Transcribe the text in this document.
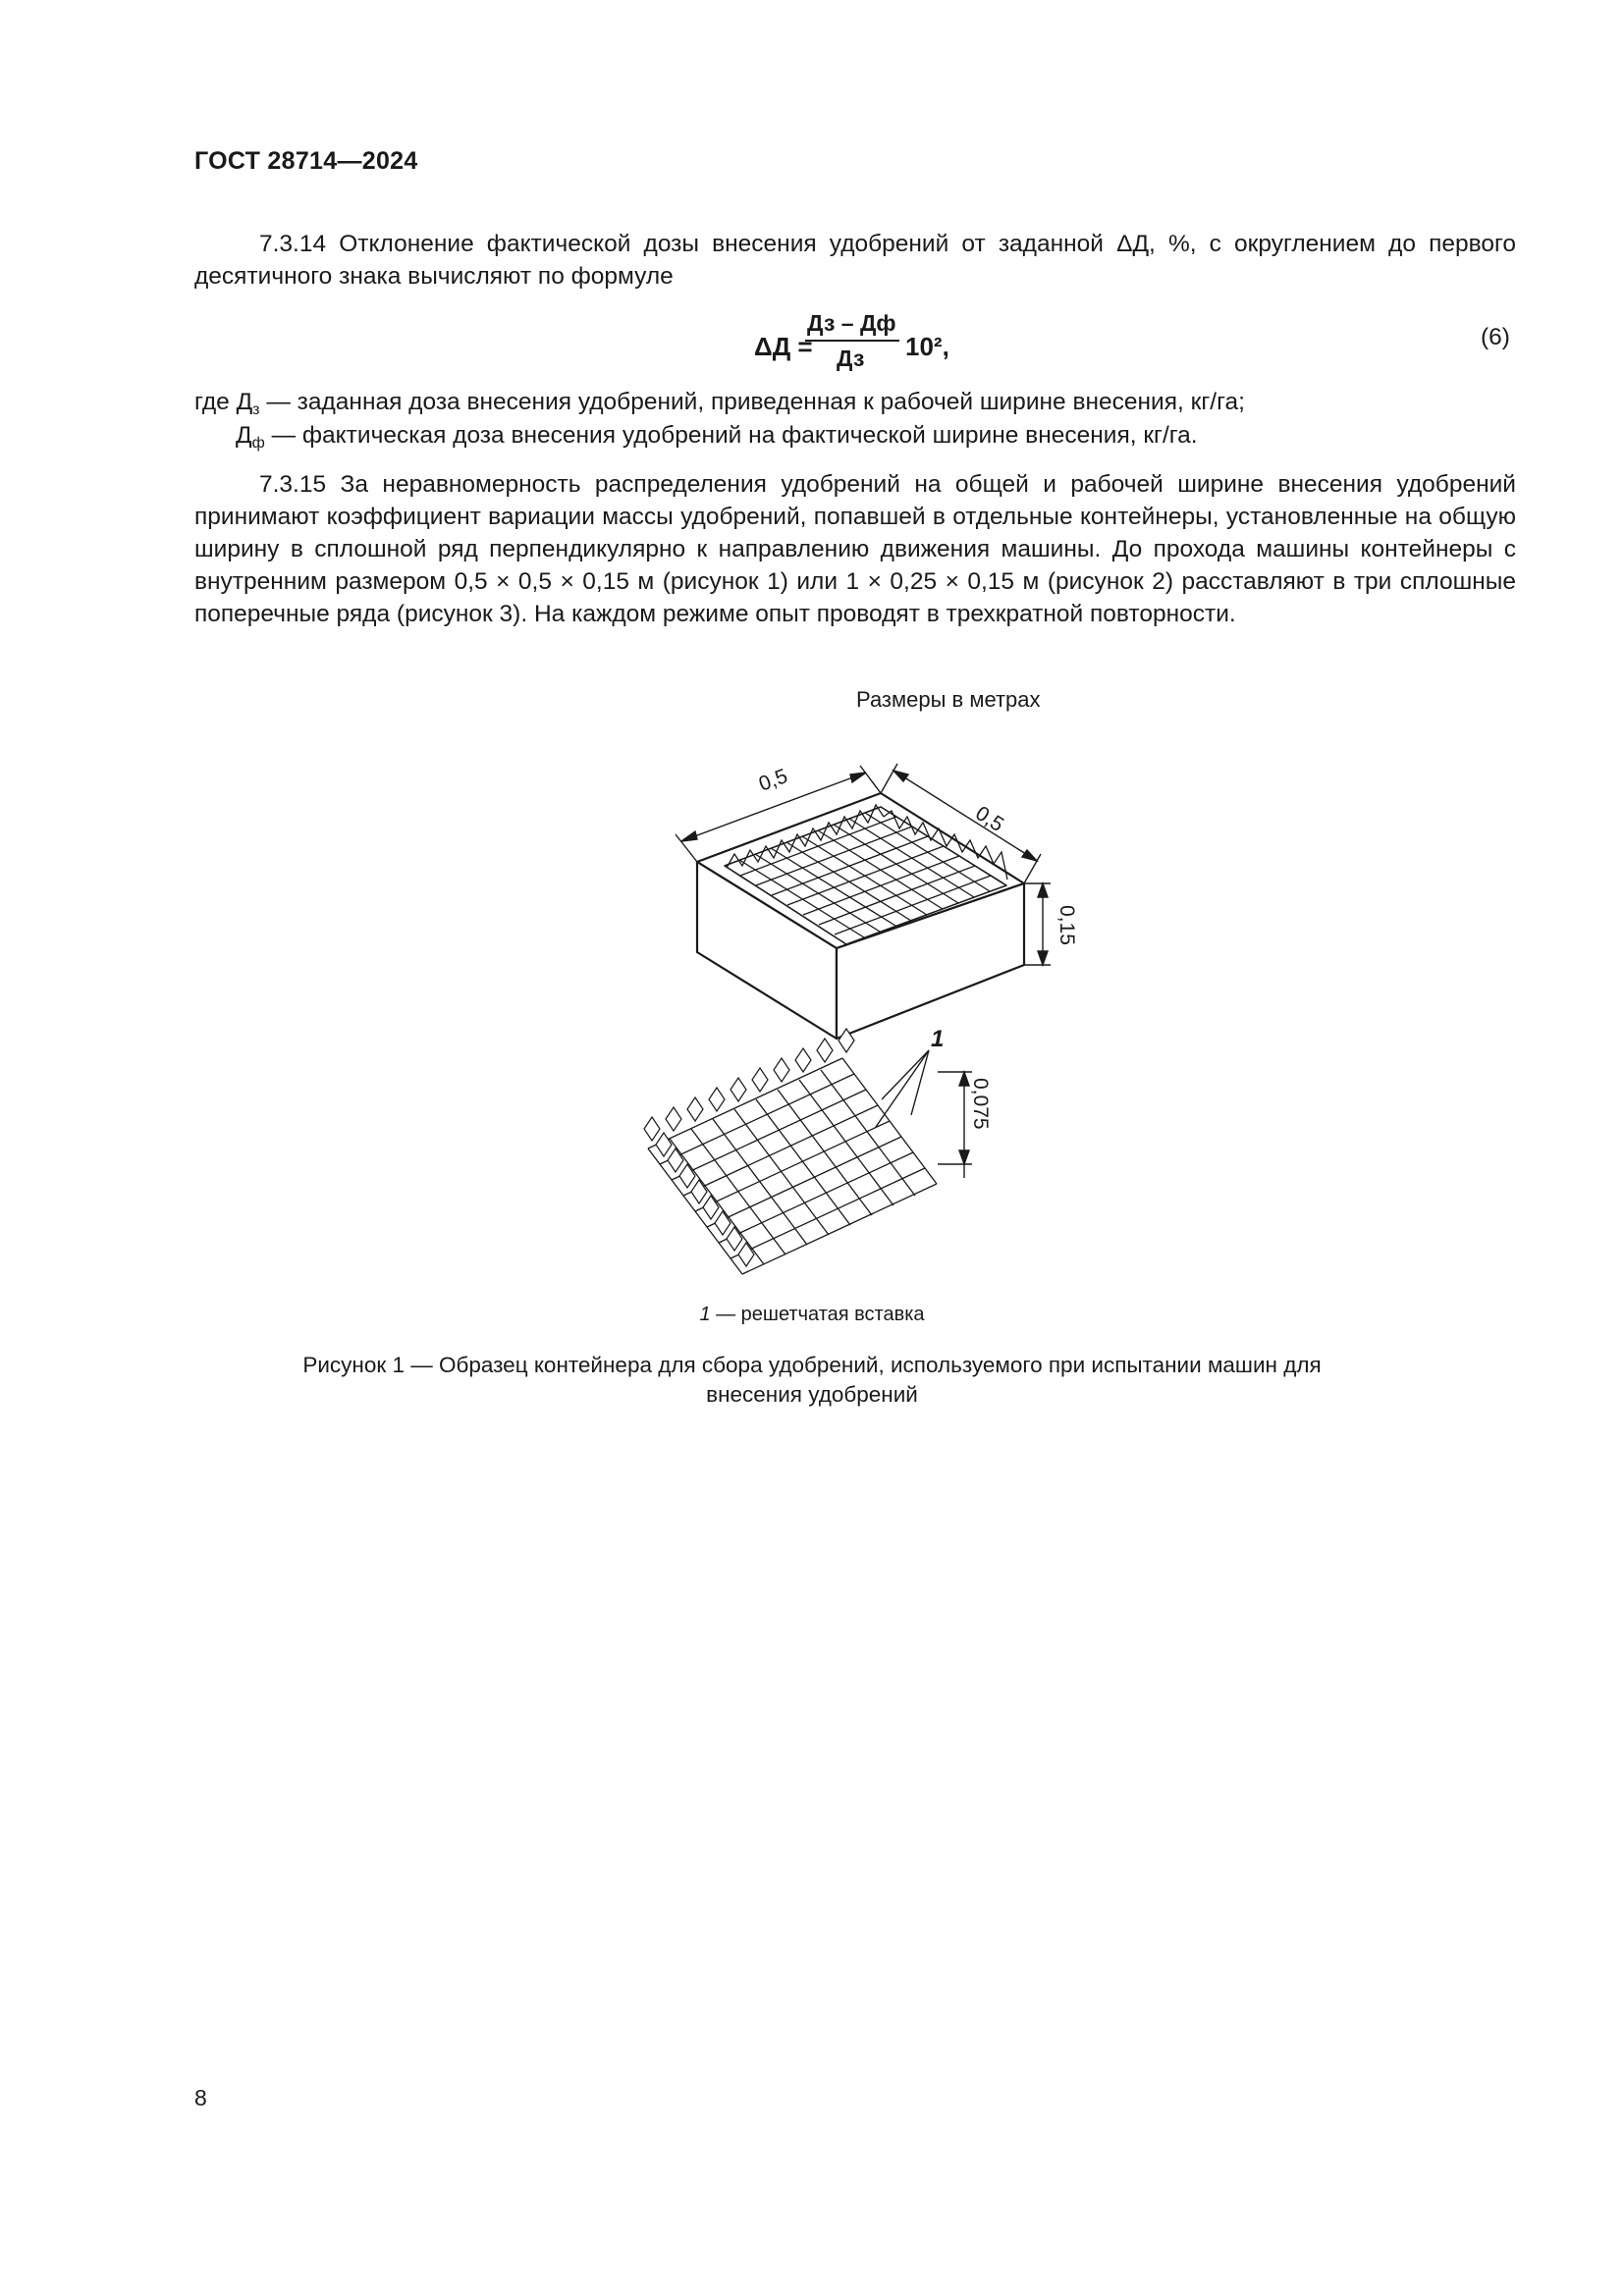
ГОСТ 28714—2024

7.3.14 Отклонение фактической дозы внесения удобрений от заданной ΔД, %, с округлением до первого десятичного знака вычисляют по формуле

ΔД =
Дз – Дф
Дз 10²,	(6)
где $Д_з$ — заданная доза внесения удобрений, приведенная к рабочей ширине внесения, кг/га;
$Д_ф$ — фактическая доза внесения удобрений на фактической ширине внесения, кг/га.

7.3.15 За неравномерность распределения удобрений на общей и рабочей ширине внесения удобрений принимают коэффициент вариации массы удобрений, попавшей в отдельные контейнеры, установленные на общую ширину в сплошной ряд перпендикулярно к направлению движения машины. До прохода машины контейнеры с внутренним размером 0,5 × 0,5 × 0,15 м (рисунок 1) или 1 × 0,25 × 0,15 м (рисунок 2) расставляют в три сплошные поперечные ряда (рисунок 3). На каждом режиме опыт проводят в трехкратной повторности.

Размеры в метрах
0,5
0,5
0,15
1
0,075
1 — решетчатая вставка
Рисунок 1 — Образец контейнера для сбора удобрений, используемого при испытании машин для внесения удобрений
8
